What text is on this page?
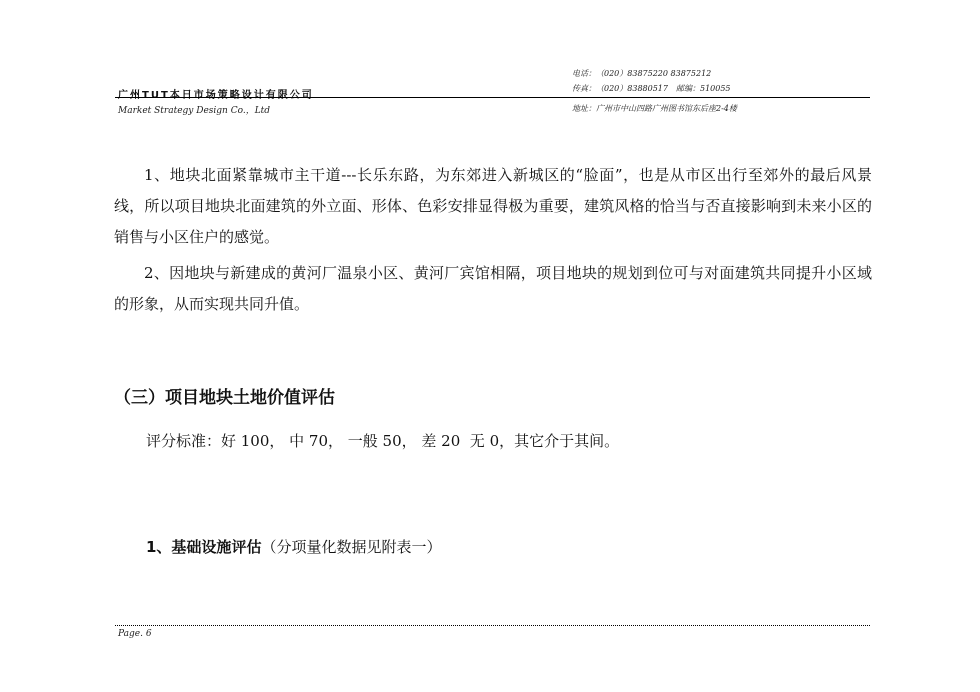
电话：（020）83875220 83875212
广州TUT本日市场策略设计有限公司
传真：（020）83880517　邮编：510055
Market Strategy Design Co.，Ltd	地址：广州市中山四路广州图书馆东后座2-4楼
1、地块北面紧靠城市主干道---长乐东路，为东郊进入新城区的“脸面”，也是从市区出行至郊外的最后风景线，所以项目地块北面建筑的外立面、形体、色彩安排显得极为重要，建筑风格的恰当与否直接影响到未来小区的销售与小区住户的感觉。
2、因地块与新建成的黄河厂温泉小区、黄河厂宾馆相隔，项目地块的规划到位可与对面建筑共同提升小区域的形象，从而实现共同升值。
（三）项目地块土地价值评估
评分标准：好 100， 中 70， 一般 50， 差 20  无 0，其它介于其间。
1、基础设施评估（分项量化数据见附表一）
Page. 6
